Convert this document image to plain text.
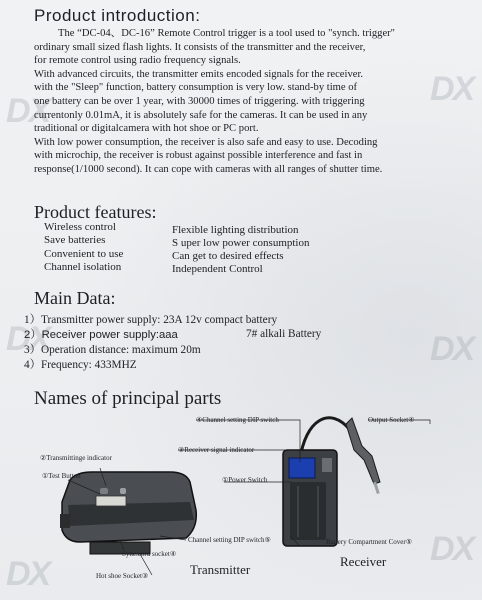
DX
DX
DX	DX
DX
DX
Product introduction:
The “DC-04、DC-16” Remote Control trigger is a tool used to "synch. trigger"
ordinary small sized flash lights. It consists of the transmitter and the receiver,
for remote control using radio frequency signals.
With advanced circuits, the transmitter emits encoded signals for the receiver.
with the "Sleep" function, battery consumption is very low. stand-by time of
one battery can be over 1 year, with 30000 times of triggering. with triggering
currentonly 0.01mA, it is absolutely safe for the cameras. It can be used in any
traditional or digitalcamera with hot shoe or PC port.
With low power consumption, the receiver is also safe and easy to use. Decoding
with microchip, the receiver is robust against possible interference and fast in
response(1/1000 second). It can cope with cameras with all ranges of shutter time.
Product features:
Wireless control
Save batteries
Convenient to use
Channel isolation
Flexible lighting distribution
S uper low power consumption
Can get to desired effects
Independent Control
Main Data:
1）Transmitter power supply: 23A 12v compact battery
2）Receiver power supply:aaa	7# alkali Battery
3）Operation distance: maximum 20m
4）Frequency: 433MHZ
Names of principal parts
④Channel setting DIP switch	Output Socket④
③Receiver signal indicator
②Transmittinge indicator
①Power Switch
①Test Button
Channel setting DIP switch⑤	Battery Compartment Cover⑤
Sync.cord socket④
Hot shoe Socket③	Transmitter
Receiver
